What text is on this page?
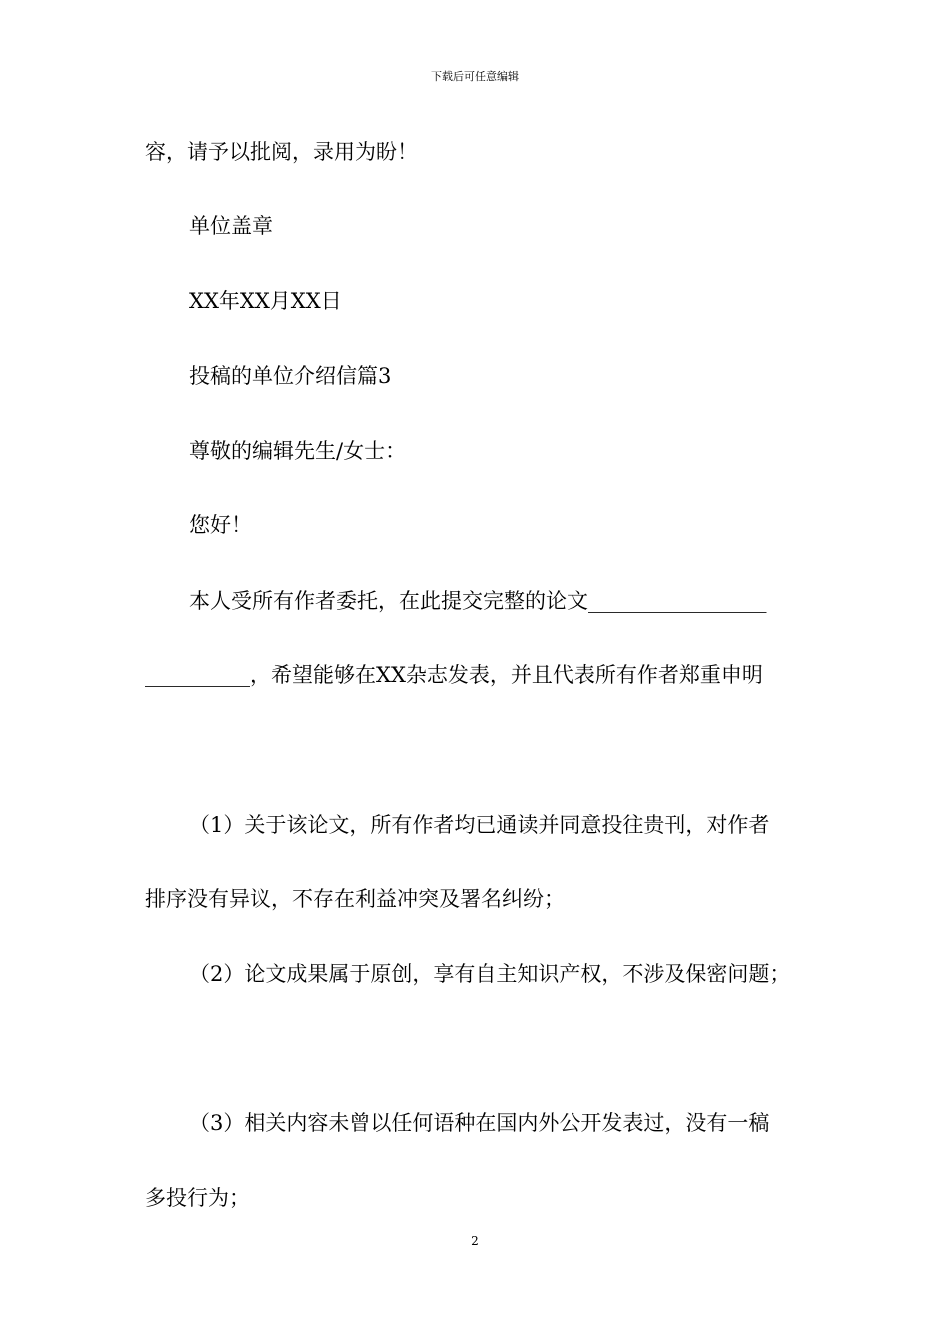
下载后可任意编辑
容，请予以批阅，录用为盼！
单位盖章
XX年XX月XX日
投稿的单位介绍信篇3
尊敬的编辑先生/女士：
您好！
本人受所有作者委托，在此提交完整的论文_________________
__________，希望能够在XX杂志发表，并且代表所有作者郑重申明
（1）关于该论文，所有作者均已通读并同意投往贵刊，对作者
排序没有异议，不存在利益冲突及署名纠纷；
（2）论文成果属于原创，享有自主知识产权，不涉及保密问题；
（3）相关内容未曾以任何语种在国内外公开发表过，没有一稿
多投行为；
2
